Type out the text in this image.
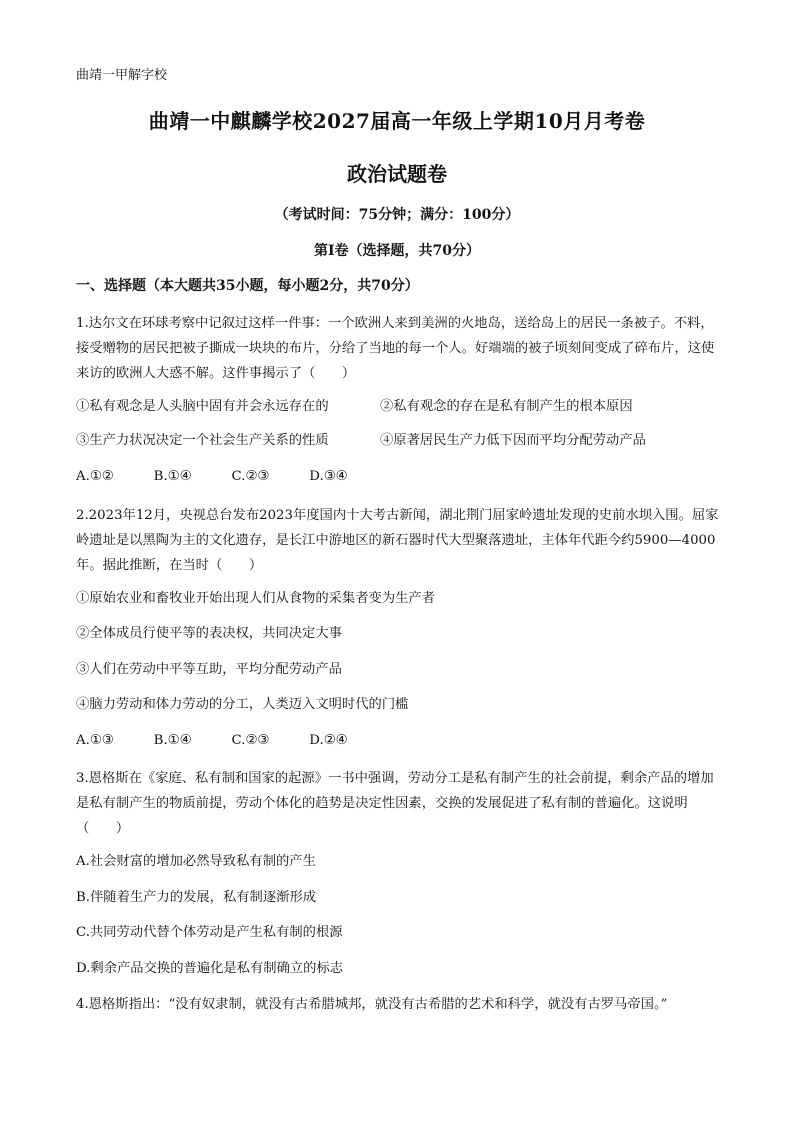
曲靖一甲解字校
曲靖一中麒麟学校2027届高一年级上学期10月月考卷
政治试题卷
（考试时间：75分钟；满分：100分）
第Ⅰ卷（选择题，共70分）
一、选择题（本大题共35小题，每小题2分，共70分）
1.达尔文在环球考察中记叙过这样一件事：一个欧洲人来到美洲的火地岛，送给岛上的居民一条被子。不料，接受赠物的居民把被子撕成一块块的布片，分给了当地的每一个人。好端端的被子顷刻间变成了碎布片，这使来访的欧洲人大惑不解。这件事揭示了（　　）
①私有观念是人头脑中固有并会永远存在的	②私有观念的存在是私有制产生的根本原因
③生产力状况决定一个社会生产关系的性质	④原著居民生产力低下因而平均分配劳动产品
A.①②	B.①④	C.②③	D.③④
2.2023年12月，央视总台发布2023年度国内十大考古新闻，湖北荆门屈家岭遗址发现的史前水坝入围。屈家岭遗址是以黑陶为主的文化遗存，是长江中游地区的新石器时代大型聚落遗址，主体年代距今约5900—4000年。据此推断，在当时（　　）
①原始农业和畜牧业开始出现人们从食物的采集者变为生产者
②全体成员行使平等的表决权，共同决定大事
③人们在劳动中平等互助，平均分配劳动产品
④脑力劳动和体力劳动的分工，人类迈入文明时代的门槛
A.①③	B.①④	C.②③	D.②④
3.恩格斯在《家庭、私有制和国家的起源》一书中强调，劳动分工是私有制产生的社会前提，剩余产品的增加是私有制产生的物质前提，劳动个体化的趋势是决定性因素，交换的发展促进了私有制的普遍化。这说明（　　）
A.社会财富的增加必然导致私有制的产生
B.伴随着生产力的发展，私有制逐渐形成
C.共同劳动代替个体劳动是产生私有制的根源
D.剩余产品交换的普遍化是私有制确立的标志
4.恩格斯指出：“没有奴隶制，就没有古希腊城邦，就没有古希腊的艺术和科学，就没有古罗马帝国。”
